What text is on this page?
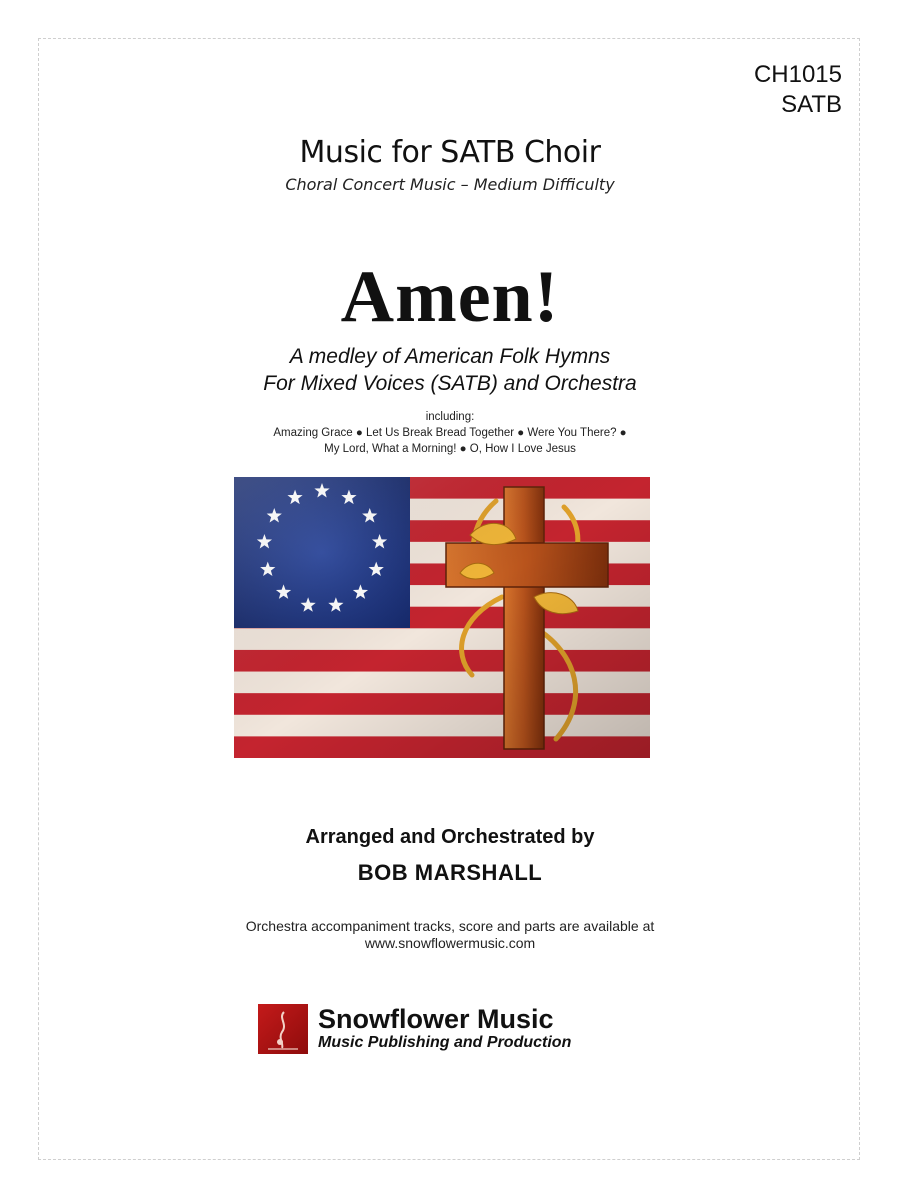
CH1015
SATB
Music for SATB Choir
Choral Concert Music – Medium Difficulty
Amen!
A medley of American Folk Hymns
For Mixed Voices (SATB) and Orchestra
including:
Amazing Grace ● Let Us Break Bread Together ● Were You There? ●
My Lord, What a Morning! ● O, How I Love Jesus
Arranged and Orchestrated by
BOB MARSHALL
Orchestra accompaniment tracks, score and parts are available at
www.snowflowermusic.com
Snowflower Music
Music Publishing and Production
